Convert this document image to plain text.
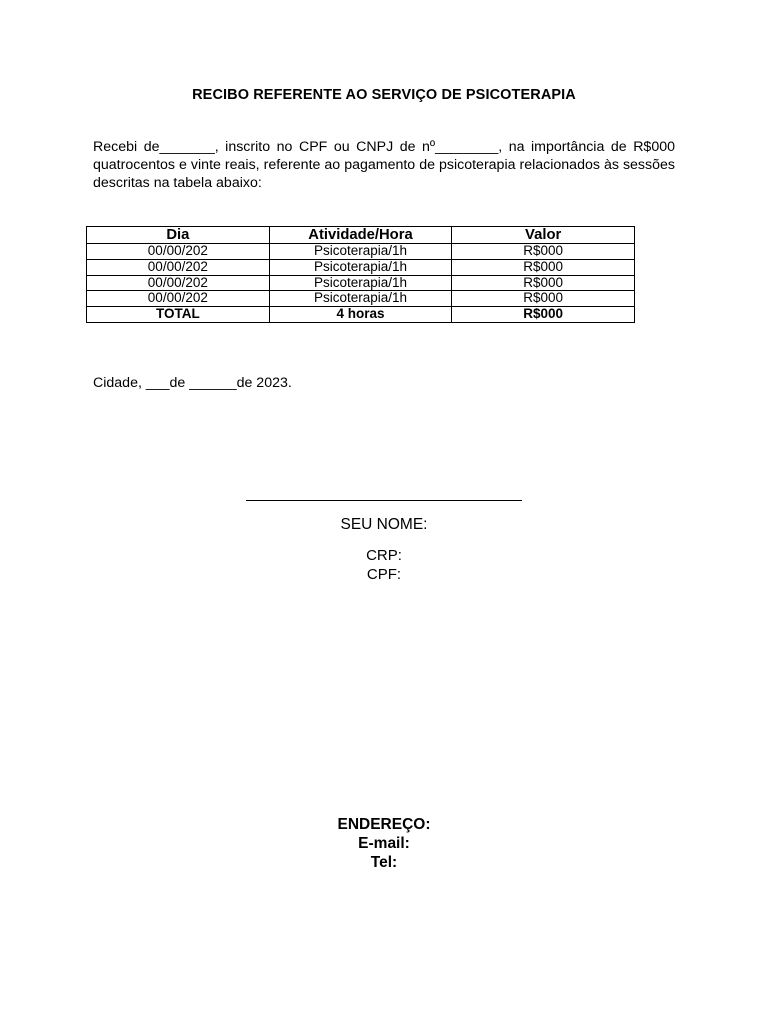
RECIBO REFERENTE AO SERVIÇO DE PSICOTERAPIA
Recebi de_______, inscrito no CPF ou CNPJ de nº________, na importância de R$000 quatrocentos e vinte reais, referente ao pagamento de psicoterapia relacionados às sessões descritas na tabela abaixo:
Dia	Atividade/Hora	Valor
00/00/202	Psicoterapia/1h	R$000
00/00/202	Psicoterapia/1h	R$000
00/00/202	Psicoterapia/1h	R$000
00/00/202	Psicoterapia/1h	R$000
TOTAL	4 horas	R$000
Cidade, ___de ______de 2023.
SEU NOME:
CRP:
CPF:
ENDEREÇO:
E-mail:
Tel:
